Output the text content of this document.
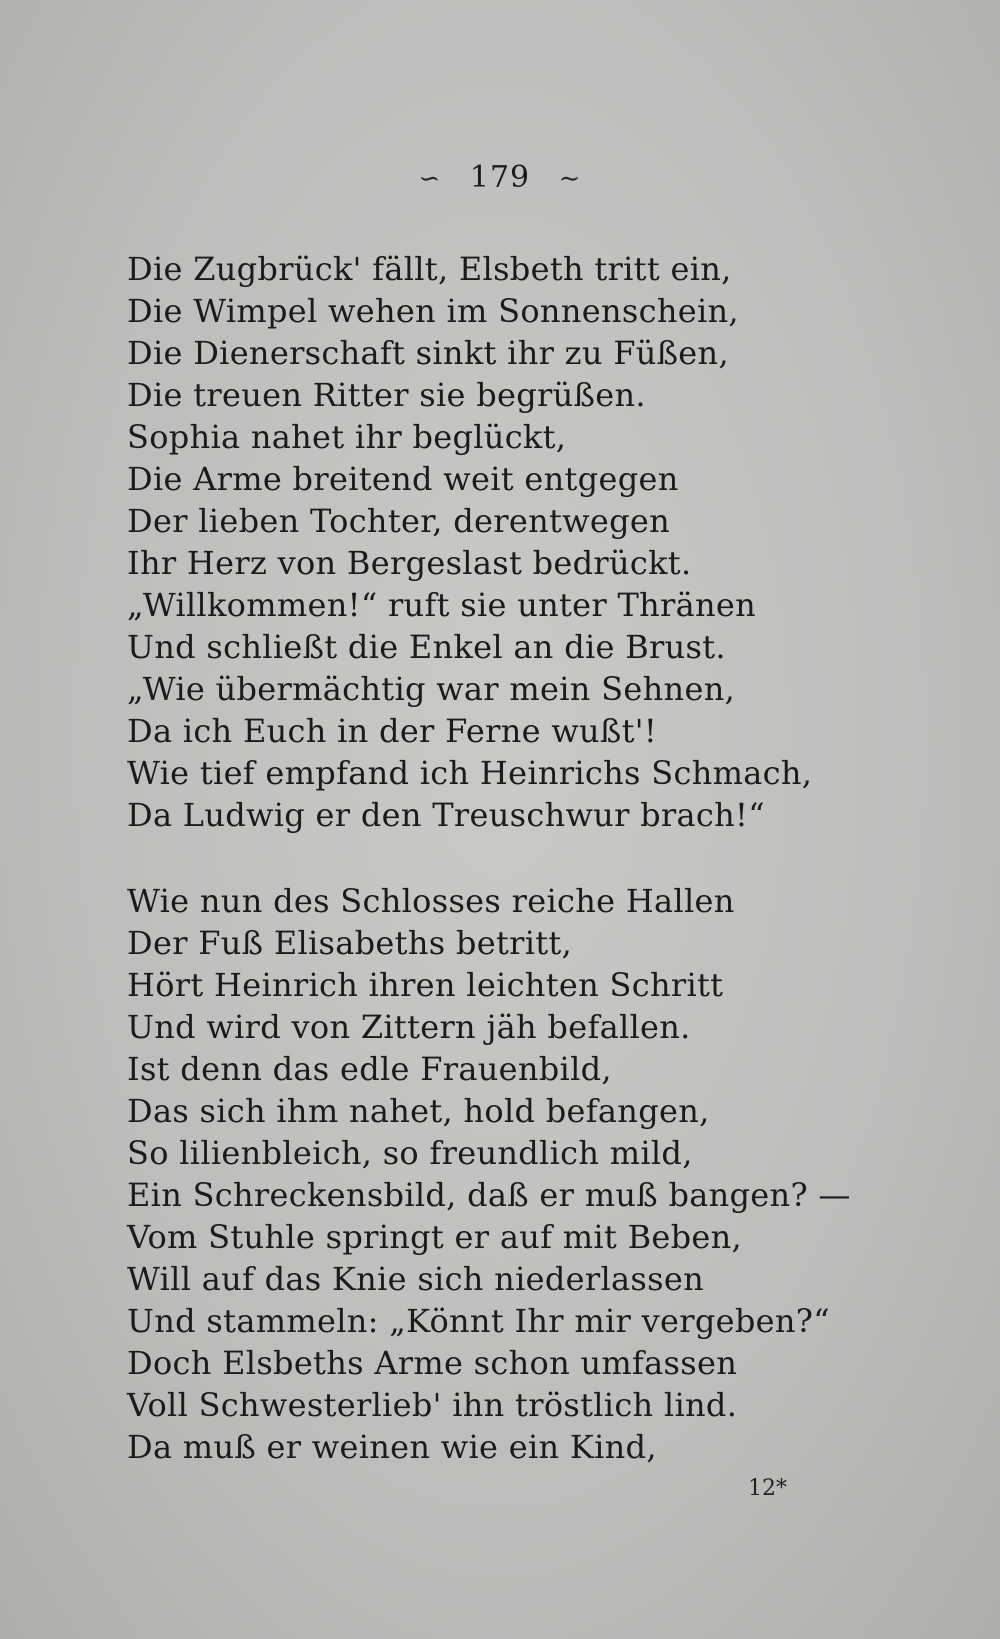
∽ 179 ∼
Die Zugbrück' fällt, Elsbeth tritt ein,
Die Wimpel wehen im Sonnenschein,
Die Dienerschaft sinkt ihr zu Füßen,
Die treuen Ritter sie begrüßen.
Sophia nahet ihr beglückt,
Die Arme breitend weit entgegen
Der lieben Tochter, derentwegen
Ihr Herz von Bergeslast bedrückt.
„Willkommen!“ ruft sie unter Thränen
Und schließt die Enkel an die Brust.
„Wie übermächtig war mein Sehnen,
Da ich Euch in der Ferne wußt'!
Wie tief empfand ich Heinrichs Schmach,
Da Ludwig er den Treuschwur brach!“
Wie nun des Schlosses reiche Hallen
Der Fuß Elisabeths betritt,
Hört Heinrich ihren leichten Schritt
Und wird von Zittern jäh befallen.
Ist denn das edle Frauenbild,
Das sich ihm nahet, hold befangen,
So lilienbleich, so freundlich mild,
Ein Schreckensbild, daß er muß bangen? —
Vom Stuhle springt er auf mit Beben,
Will auf das Knie sich niederlassen
Und stammeln: „Könnt Ihr mir vergeben?“
Doch Elsbeths Arme schon umfassen
Voll Schwesterlieb' ihn tröstlich lind.
Da muß er weinen wie ein Kind,
12*
